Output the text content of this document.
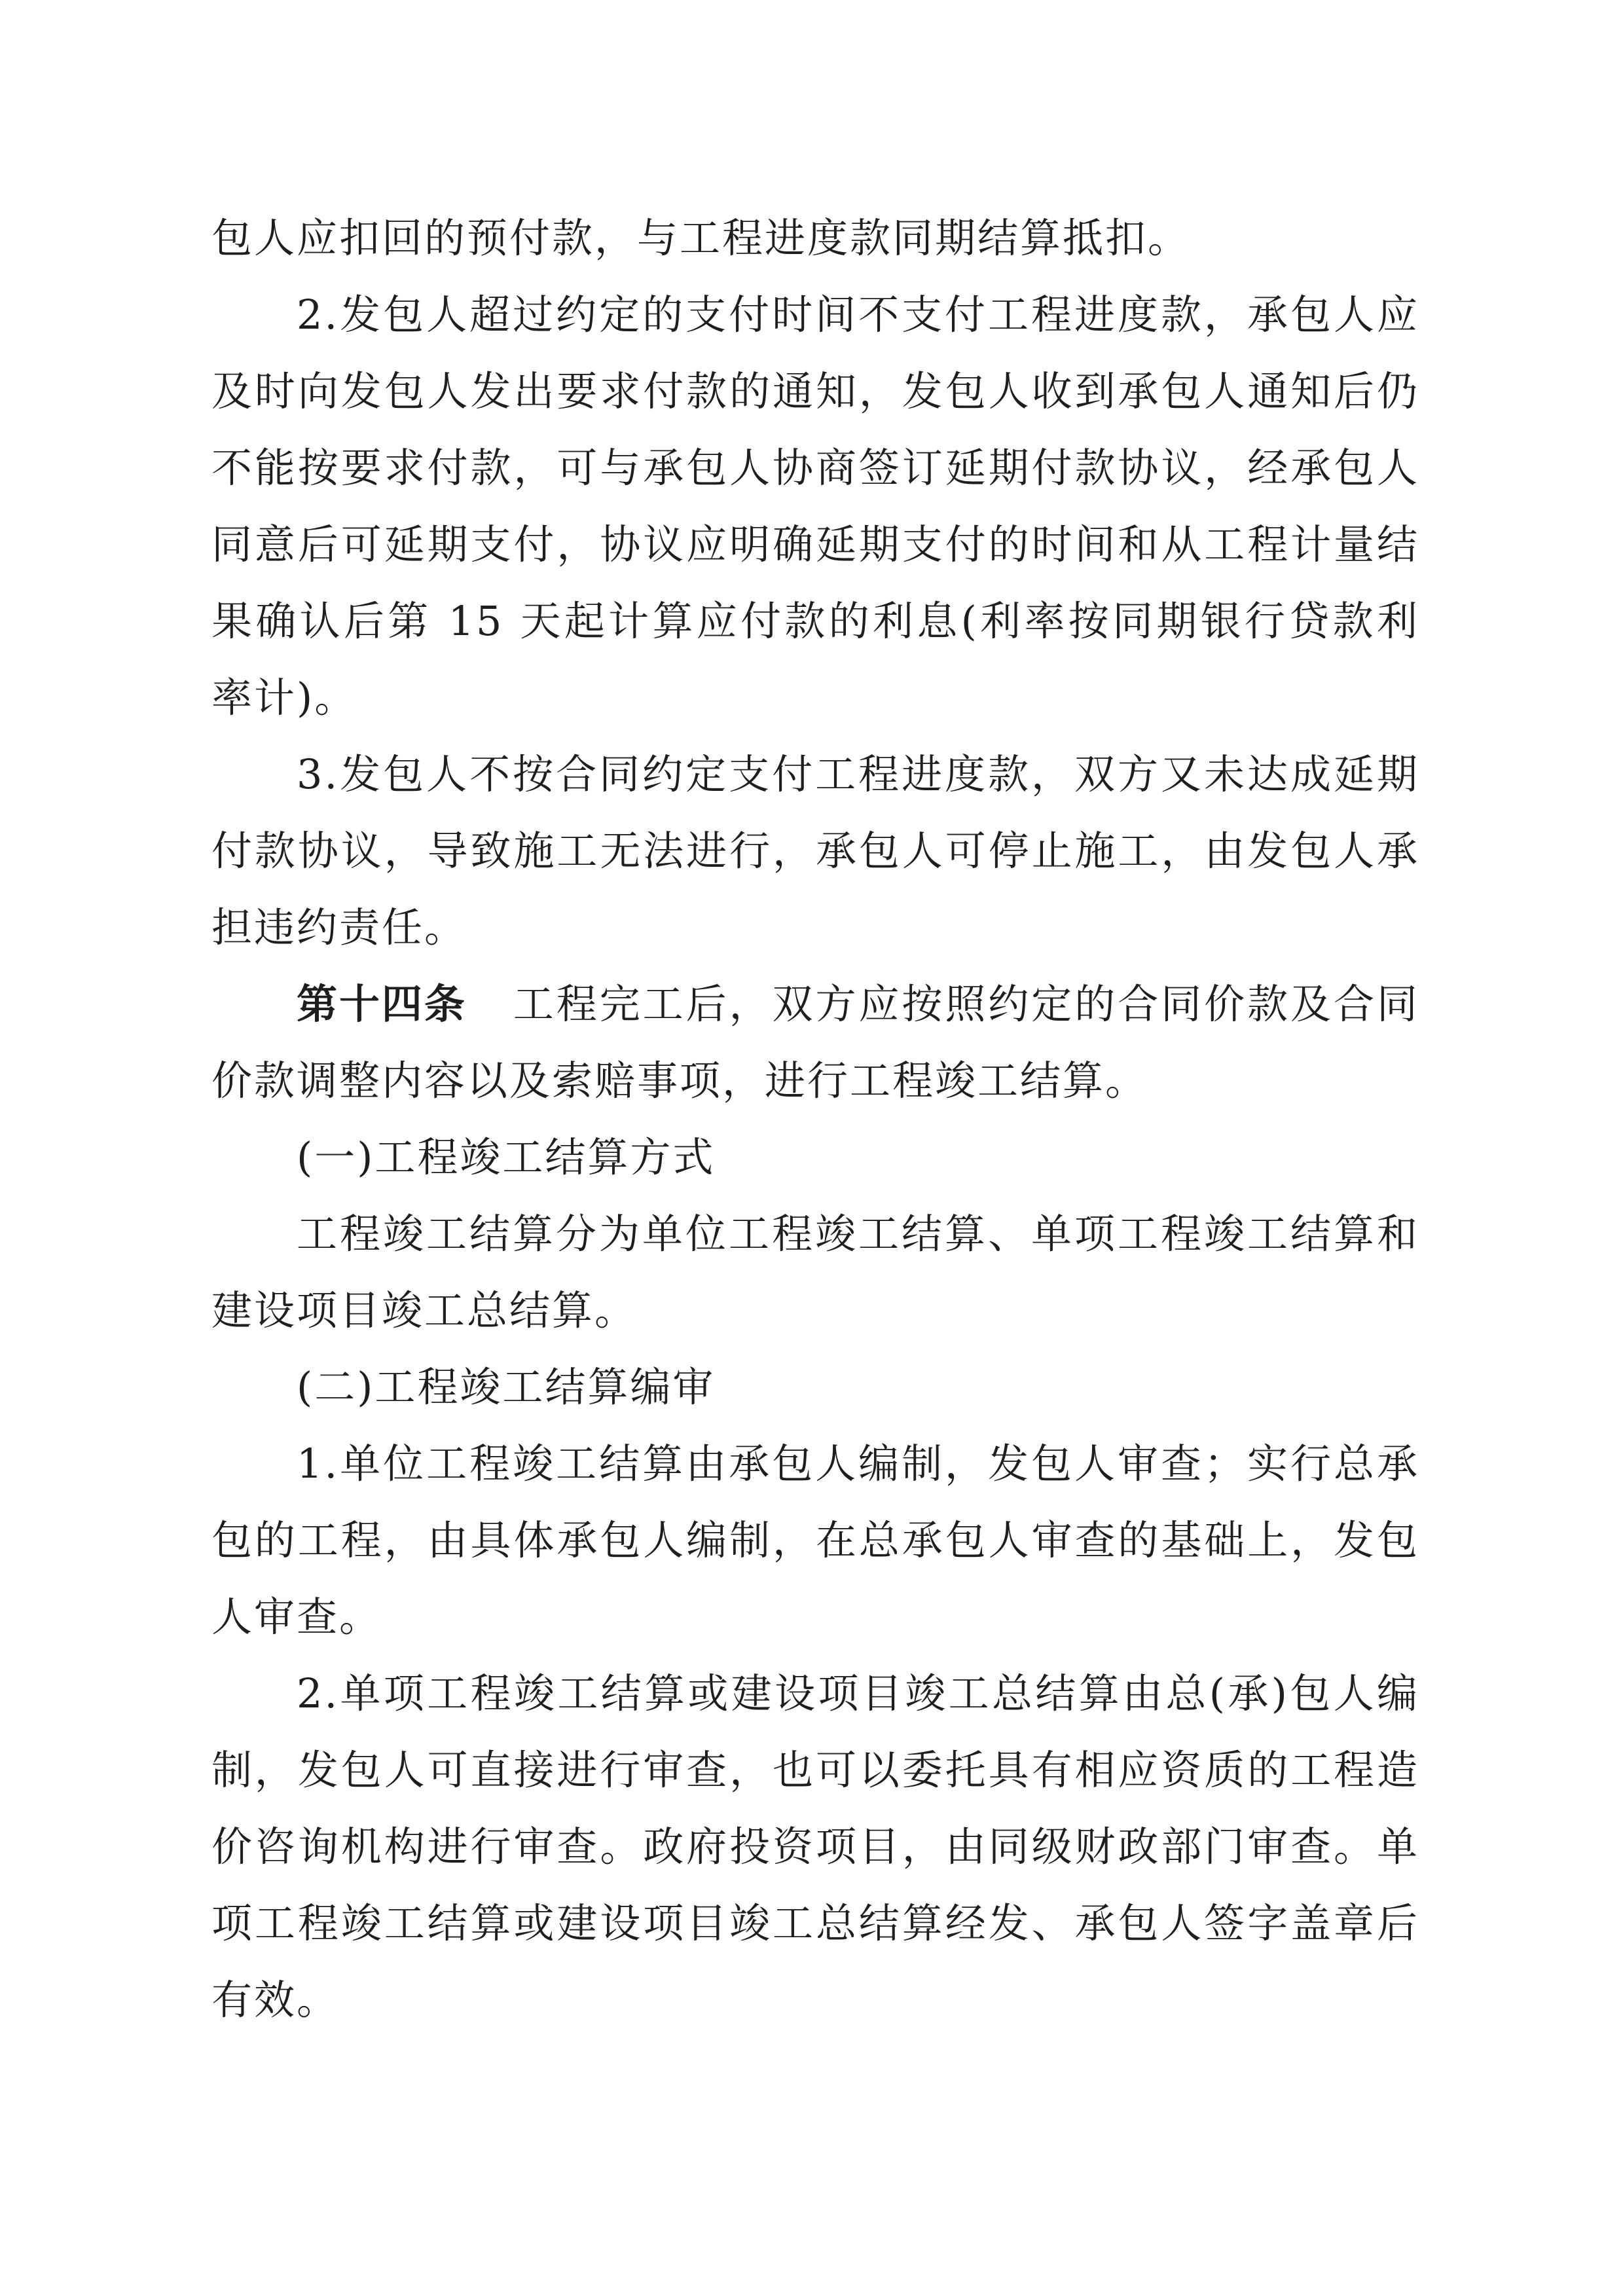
包人应扣回的预付款，与工程进度款同期结算抵扣。

2.发包人超过约定的支付时间不支付工程进度款，承包人应及时向发包人发出要求付款的通知，发包人收到承包人通知后仍不能按要求付款，可与承包人协商签订延期付款协议，经承包人同意后可延期支付，协议应明确延期支付的时间和从工程计量结果确认后第 15 天起计算应付款的利息(利率按同期银行贷款利率计)。

3.发包人不按合同约定支付工程进度款，双方又未达成延期付款协议，导致施工无法进行，承包人可停止施工，由发包人承担违约责任。

第十四条 工程完工后，双方应按照约定的合同价款及合同价款调整内容以及索赔事项，进行工程竣工结算。

(一)工程竣工结算方式

工程竣工结算分为单位工程竣工结算、单项工程竣工结算和建设项目竣工总结算。

(二)工程竣工结算编审

1.单位工程竣工结算由承包人编制，发包人审查；实行总承包的工程，由具体承包人编制，在总承包人审查的基础上，发包人审查。

2.单项工程竣工结算或建设项目竣工总结算由总(承)包人编制，发包人可直接进行审查，也可以委托具有相应资质的工程造价咨询机构进行审查。政府投资项目，由同级财政部门审查。单项工程竣工结算或建设项目竣工总结算经发、承包人签字盖章后有效。
